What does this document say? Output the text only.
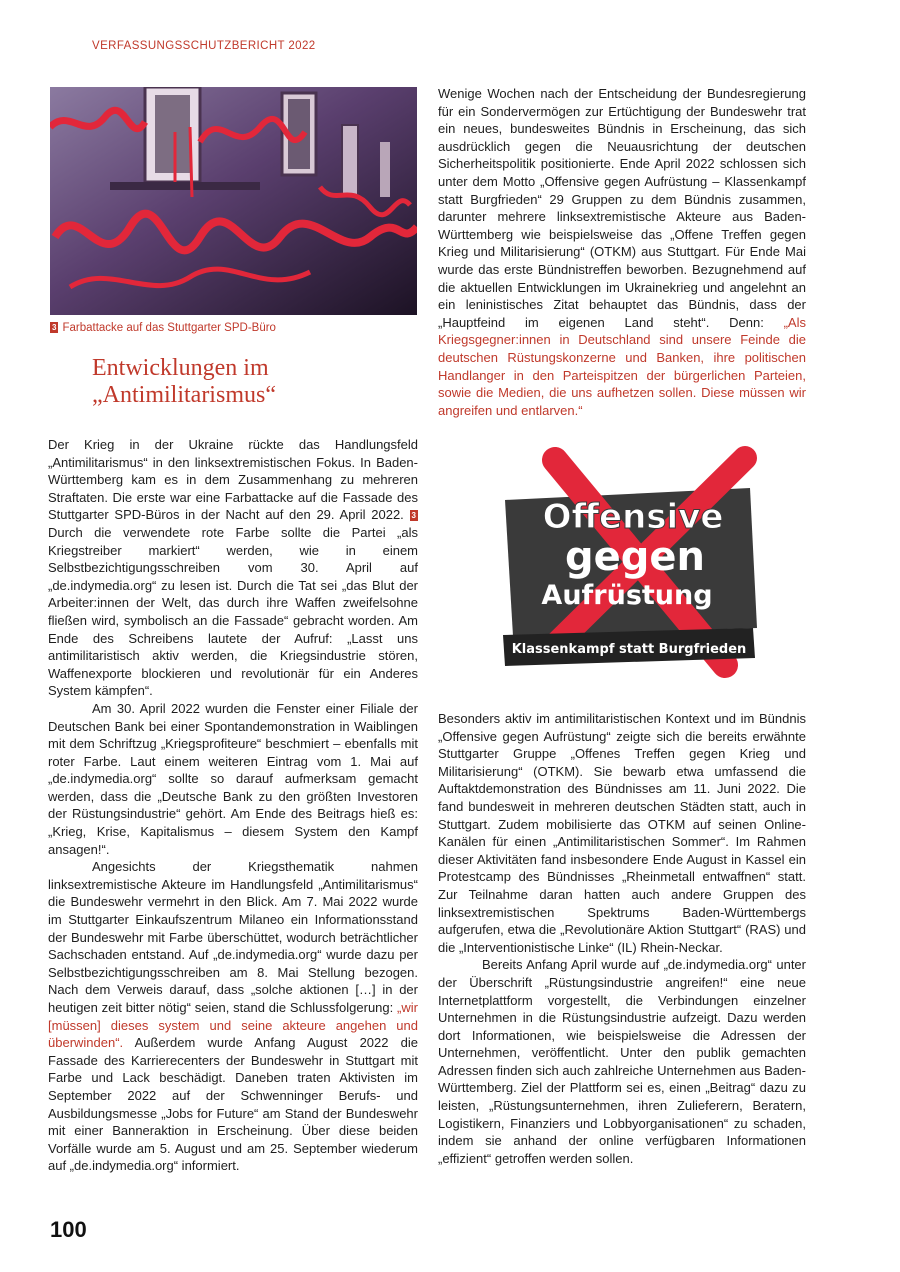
VERFASSUNGSSCHUTZBERICHT 2022
3 Farbattacke auf das Stuttgarter SPD-Büro
Entwicklungen im
„Antimilitarismus“

Der Krieg in der Ukraine rückte das Handlungsfeld „Antimilitarismus“ in den linksextremistischen Fokus. In Baden-Württemberg kam es in dem Zusammenhang zu mehreren Straftaten. Die erste war eine Farbattacke auf die Fassade des Stuttgarter SPD-Büros in der Nacht auf den 29. April 2022. 3 Durch die verwendete rote Farbe sollte die Partei „als Kriegstreiber markiert“ werden, wie in einem Selbstbezichtigungsschreiben vom 30. April auf „de.indymedia.org“ zu lesen ist. Durch die Tat sei „das Blut der Arbeiter:innen der Welt, das durch ihre Waffen zweifelsohne fließen wird, symbolisch an die Fassade“ gebracht worden. Am Ende des Schreibens lautete der Aufruf: „Lasst uns antimilitaristisch aktiv werden, die Kriegsindustrie stören, Waffenexporte blockieren und revolutionär für ein Anderes System kämpfen“.

Am 30. April 2022 wurden die Fenster einer Filiale der Deutschen Bank bei einer Spontandemonstration in Waiblingen mit dem Schriftzug „Kriegsprofiteure“ beschmiert – ebenfalls mit roter Farbe. Laut einem weiteren Eintrag vom 1. Mai auf „de.indymedia.org“ sollte so darauf aufmerksam gemacht werden, dass die „Deutsche Bank zu den größten Investoren der Rüstungsindustrie“ gehört. Am Ende des Beitrags hieß es: „Krieg, Krise, Kapitalismus – diesem System den Kampf ansagen!“.

Angesichts der Kriegsthematik nahmen linksextremistische Akteure im Handlungsfeld „Antimilitarismus“ die Bundeswehr vermehrt in den Blick. Am 7. Mai 2022 wurde im Stuttgarter Einkaufszentrum Milaneo ein Informationsstand der Bundeswehr mit Farbe überschüttet, wodurch beträchtlicher Sachschaden entstand. Auf „de.indymedia.org“ wurde dazu per Selbstbezichtigungsschreiben am 8. Mai Stellung bezogen. Nach dem Verweis darauf, dass „solche aktionen […] in der heutigen zeit bitter nötig“ seien, stand die Schlussfolgerung: „wir [müssen] dieses system und seine akteure angehen und überwinden“. Außerdem wurde Anfang August 2022 die Fassade des Karrierecenters der Bundeswehr in Stuttgart mit Farbe und Lack beschädigt. Daneben traten Aktivisten im September 2022 auf der Schwenninger Berufs- und Ausbildungsmesse „Jobs for Future“ am Stand der Bundeswehr mit einer Banneraktion in Erscheinung. Über diese beiden Vorfälle wurde am 5. August und am 25. September wiederum auf „de.indymedia.org“ informiert.

Wenige Wochen nach der Entscheidung der Bundesregierung für ein Sondervermögen zur Ertüchtigung der Bundeswehr trat ein neues, bundesweites Bündnis in Erscheinung, das sich ausdrücklich gegen die Neuausrichtung der deutschen Sicherheitspolitik positionierte. Ende April 2022 schlossen sich unter dem Motto „Offensive gegen Aufrüstung – Klassenkampf statt Burgfrieden“ 29 Gruppen zu dem Bündnis zusammen, darunter mehrere linksextremistische Akteure aus Baden-Württemberg wie beispielsweise das „Offene Treffen gegen Krieg und Militarisierung“ (OTKM) aus Stuttgart. Für Ende Mai wurde das erste Bündnistreffen beworben. Bezugnehmend auf die aktuellen Entwicklungen im Ukrainekrieg und angelehnt an ein leninistisches Zitat behauptet das Bündnis, dass der „Hauptfeind im eigenen Land steht“. Denn: „Als Kriegsgegner:innen in Deutschland sind unsere Feinde die deutschen Rüstungskonzerne und Banken, ihre politischen Handlanger in den Parteispitzen der bürgerlichen Parteien, sowie die Medien, die uns aufhetzen sollen. Diese müssen wir angreifen und entlarven.“

Offensive
gegen
Aufrüstung
Klassenkampf statt Burgfrieden

Besonders aktiv im antimilitaristischen Kontext und im Bündnis „Offensive gegen Aufrüstung“ zeigte sich die bereits erwähnte Stuttgarter Gruppe „Offenes Treffen gegen Krieg und Militarisierung“ (OTKM). Sie bewarb etwa umfassend die Auftaktdemonstration des Bündnisses am 11. Juni 2022. Die fand bundesweit in mehreren deutschen Städten statt, auch in Stuttgart. Zudem mobilisierte das OTKM auf seinen Online-Kanälen für einen „Antimilitaristischen Sommer“. Im Rahmen dieser Aktivitäten fand insbesondere Ende August in Kassel ein Protestcamp des Bündnisses „Rheinmetall entwaffnen“ statt. Zur Teilnahme daran hatten auch andere Gruppen des linksextremistischen Spektrums Baden-Württembergs aufgerufen, etwa die „Revolutionäre Aktion Stuttgart“ (RAS) und die „Interventionistische Linke“ (IL) Rhein-Neckar.

Bereits Anfang April wurde auf „de.indymedia.org“ unter der Überschrift „Rüstungsindustrie angreifen!“ eine neue Internetplattform vorgestellt, die Verbindungen einzelner Unternehmen in die Rüstungsindustrie aufzeigt. Dazu werden dort Informationen, wie beispielsweise die Adressen der Unternehmen, veröffentlicht. Unter den publik gemachten Adressen finden sich auch zahlreiche Unternehmen aus Baden-Württemberg. Ziel der Plattform sei es, einen „Beitrag“ dazu zu leisten, „Rüstungsunternehmen, ihren Zulieferern, Beratern, Logistikern, Finanziers und Lobbyorganisationen“ zu schaden, indem sie anhand der online verfügbaren Informationen „effizient“ getroffen werden sollen.

100
